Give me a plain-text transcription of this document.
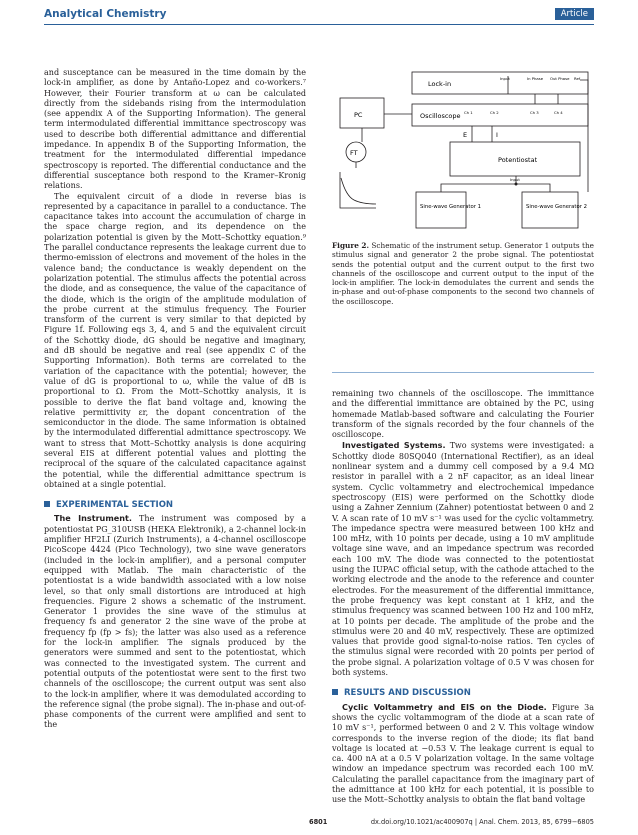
Analytical Chemistry	Article

and susceptance can be measured in the time domain by the lock-in amplifier, as done by Antaño-Lopez and co-workers.⁷ However, their Fourier transform at ω can be calculated directly from the sidebands rising from the intermodulation (see appendix A of the Supporting Information). The general term intermodulated differential immittance spectroscopy was used to describe both differential admittance and differential impedance. In appendix B of the Supporting Information, the treatment for the intermodulated differential impedance spectroscopy is reported. The differential conductance and the differential susceptance both respond to the Kramer–Kronig relations.

The equivalent circuit of a diode in reverse bias is represented by a capacitance in parallel to a conductance. The capacitance takes into account the accumulation of charge in the space charge region, and its dependence on the polarization potential is given by the Mott–Schottky equation.⁹ The parallel conductance represents the leakage current due to thermo-emission of electrons and movement of the holes in the valence band; the conductance is weakly dependent on the polarization potential. The stimulus affects the potential across the diode, and as consequence, the value of the capacitance of the diode, which is the origin of the amplitude modulation of the probe current at the stimulus frequency. The Fourier transform of the current is very similar to that depicted by Figure 1f. Following eqs 3, 4, and 5 and the equivalent circuit of the Schottky diode, dG should be negative and imaginary, and dB should be negative and real (see appendix C of the Supporting Information). Both terms are correlated to the variation of the capacitance with the potential; however, the value of dG is proportional to ω, while the value of dB is proportional to Ω. From the Mott–Schottky analysis, it is possible to derive the flat band voltage and, knowing the relative permittivity εr, the dopant concentration of the semiconductor in the diode. The same information is obtained by the intermodulated differential admittance spectroscopy. We want to stress that Mott–Schottky analysis is done acquiring several EIS at different potential values and plotting the reciprocal of the square of the calculated capacitance against the potential, while the differential admittance spectrum is obtained at a single potential.

EXPERIMENTAL SECTION

The Instrument. The instrument was composed by a potentiostat PG_310USB (HEKA Elektronik), a 2-channel lock-in amplifier HF2LI (Zurich Instruments), a 4-channel oscilloscope PicoScope 4424 (Pico Technology), two sine wave generators (included in the lock-in amplifier), and a personal computer equipped with Matlab. The main characteristic of the potentiostat is a wide bandwidth associated with a low noise level, so that only small distortions are introduced at high frequencies. Figure 2 shows a schematic of the instrument. Generator 1 provides the sine wave of the stimulus at frequency fs and generator 2 the sine wave of the probe at frequency fp (fp > fs); the latter was also used as a reference for the lock-in amplifier. The signals produced by the generators were summed and sent to the potentiostat, which was connected to the investigated system. The current and potential outputs of the potentiostat were sent to the first two channels of the oscilloscope; the current output was sent also to the lock-in amplifier, where it was demodulated according to the reference signal (the probe signal). The in-phase and out-of-phase components of the current were amplified and sent to the

Lock-in
Input	In Phase Out Phase Ref
PC	Oscilloscope Ch 1	Ch 2	Ch 3	Ch 4
FT
E	I
Potentiostat
Input
Sine-wave Generator 1	Sine-wave Generator 2
Figure 2. Schematic of the instrument setup. Generator 1 outputs the stimulus signal and generator 2 the probe signal. The potentiostat sends the potential output and the current output to the first two channels of the oscilloscope and current output to the input of the lock-in amplifier. The lock-in demodulates the current and sends the in-phase and out-of-phase components to the second two channels of the oscilloscope.

remaining two channels of the oscilloscope. The immittance and the differential immittance are obtained by the PC, using homemade Matlab-based software and calculating the Fourier transform of the signals recorded by the four channels of the oscilloscope.

Investigated Systems. Two systems were investigated: a Schottky diode 80SQ040 (International Rectifier), as an ideal nonlinear system and a dummy cell composed by a 9.4 MΩ resistor in parallel with a 2 nF capacitor, as an ideal linear system. Cyclic voltammetry and electrochemical impedance spectroscopy (EIS) were performed on the Schottky diode using a Zahner Zennium (Zahner) potentiostat between 0 and 2 V. A scan rate of 10 mV s⁻¹ was used for the cyclic voltammetry. The impedance spectra were measured between 100 kHz and 100 mHz, with 10 points per decade, using a 10 mV amplitude voltage sine wave, and an impedance spectrum was recorded each 100 mV. The diode was connected to the potentiostat using the IUPAC official setup, with the cathode attached to the working electrode and the anode to the reference and counter electrodes. For the measurement of the differential immittance, the probe frequency was kept constant at 1 kHz, and the stimulus frequency was scanned between 100 Hz and 100 mHz, at 10 points per decade. The amplitude of the probe and the stimulus were 20 and 40 mV, respectively. These are optimized values that provide good signal-to-noise ratios. Ten cycles of the stimulus signal were recorded with 20 points per period of the probe signal. A polarization voltage of 0.5 V was chosen for both systems.

RESULTS AND DISCUSSION

Cyclic Voltammetry and EIS on the Diode. Figure 3a shows the cyclic voltammogram of the diode at a scan rate of 10 mV s⁻¹, performed between 0 and 2 V. This voltage window corresponds to the inverse region of the diode; its flat band voltage is located at −0.53 V. The leakage current is equal to ca. 400 nA at a 0.5 V polarization voltage. In the same voltage window an impedance spectrum was recorded each 100 mV. Calculating the parallel capacitance from the imaginary part of the admittance at 100 kHz for each potential, it is possible to use the Mott–Schottky analysis to obtain the flat band voltage

6801	dx.doi.org/10.1021/ac400907q | Anal. Chem. 2013, 85, 6799−6805
